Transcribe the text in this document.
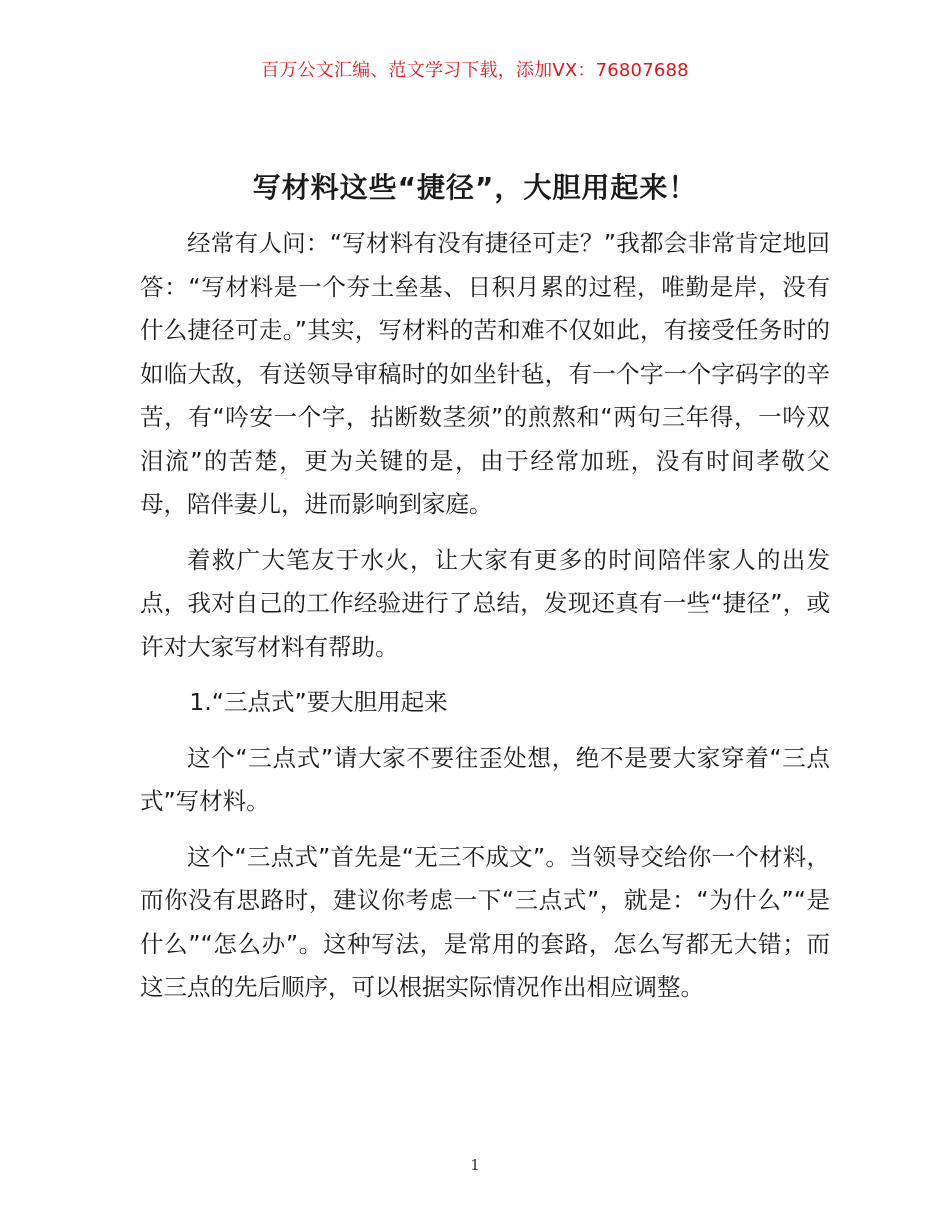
百万公文汇编、范文学习下载，添加VX：76807688
写材料这些“捷径”，大胆用起来！

经常有人问：“写材料有没有捷径可走？”我都会非常肯定地回答：“写材料是一个夯土垒基、日积月累的过程，唯勤是岸，没有什么捷径可走。”其实，写材料的苦和难不仅如此，有接受任务时的如临大敌，有送领导审稿时的如坐针毡，有一个字一个字码字的辛苦，有“吟安一个字，拈断数茎须”的煎熬和“两句三年得，一吟双泪流”的苦楚，更为关键的是，由于经常加班，没有时间孝敬父母，陪伴妻儿，进而影响到家庭。

着救广大笔友于水火，让大家有更多的时间陪伴家人的出发点，我对自己的工作经验进行了总结，发现还真有一些“捷径”，或许对大家写材料有帮助。

1.“三点式”要大胆用起来

这个“三点式”请大家不要往歪处想，绝不是要大家穿着“三点式”写材料。

这个“三点式”首先是“无三不成文”。当领导交给你一个材料，而你没有思路时，建议你考虑一下“三点式”，就是：“为什么”“是什么”“怎么办”。这种写法，是常用的套路，怎么写都无大错；而这三点的先后顺序，可以根据实际情况作出相应调整。

1
